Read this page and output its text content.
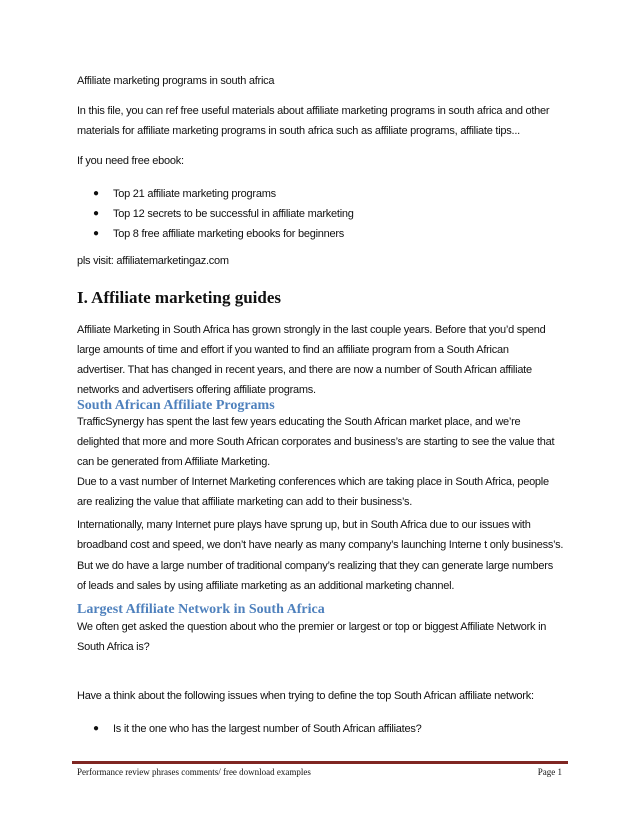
Affiliate marketing programs in south africa
In this file, you can ref free useful materials about affiliate marketing programs in south africa and other
materials for affiliate marketing programs in south africa such as affiliate programs, affiliate tips...
If you need free ebook:
● Top 21 affiliate marketing programs
● Top 12 secrets to be successful in affiliate marketing
● Top 8 free affiliate marketing ebooks for beginners
pls visit: affiliatemarketingaz.com
I. Affiliate marketing guides
Affiliate Marketing in South Africa has grown strongly in the last couple years. Before that you’d spend
large amounts of time and effort if you wanted to find an affiliate program from a South African
advertiser. That has changed in recent years, and there are now a number of South African affiliate
networks and advertisers offering affiliate programs.
South African Affiliate Programs
TrafficSynergy has spent the last few years educating the South African market place, and we’re
delighted that more and more South African corporates and business’s are starting to see the value that
can be generated from Affiliate Marketing.
Due to a vast number of Internet Marketing conferences which are taking place in South Africa, people
are realizing the value that affiliate marketing can add to their business’s.
Internationally, many Internet pure plays have sprung up, but in South Africa due to our issues with
broadband cost and speed, we don’t have nearly as many company’s launching Interne t only business’s.
But we do have a large number of traditional company’s realizing that they can generate large numbers
of leads and sales by using affiliate marketing as an additional marketing channel.
Largest Affiliate Network in South Africa
We often get asked the question about who the premier or largest or top or biggest Affiliate Network in
South Africa is?
Have a think about the following issues when trying to define the top South African affiliate network:
● Is it the one who has the largest number of South African affiliates?
Performance review phrases comments/ free download examples	Page 1
